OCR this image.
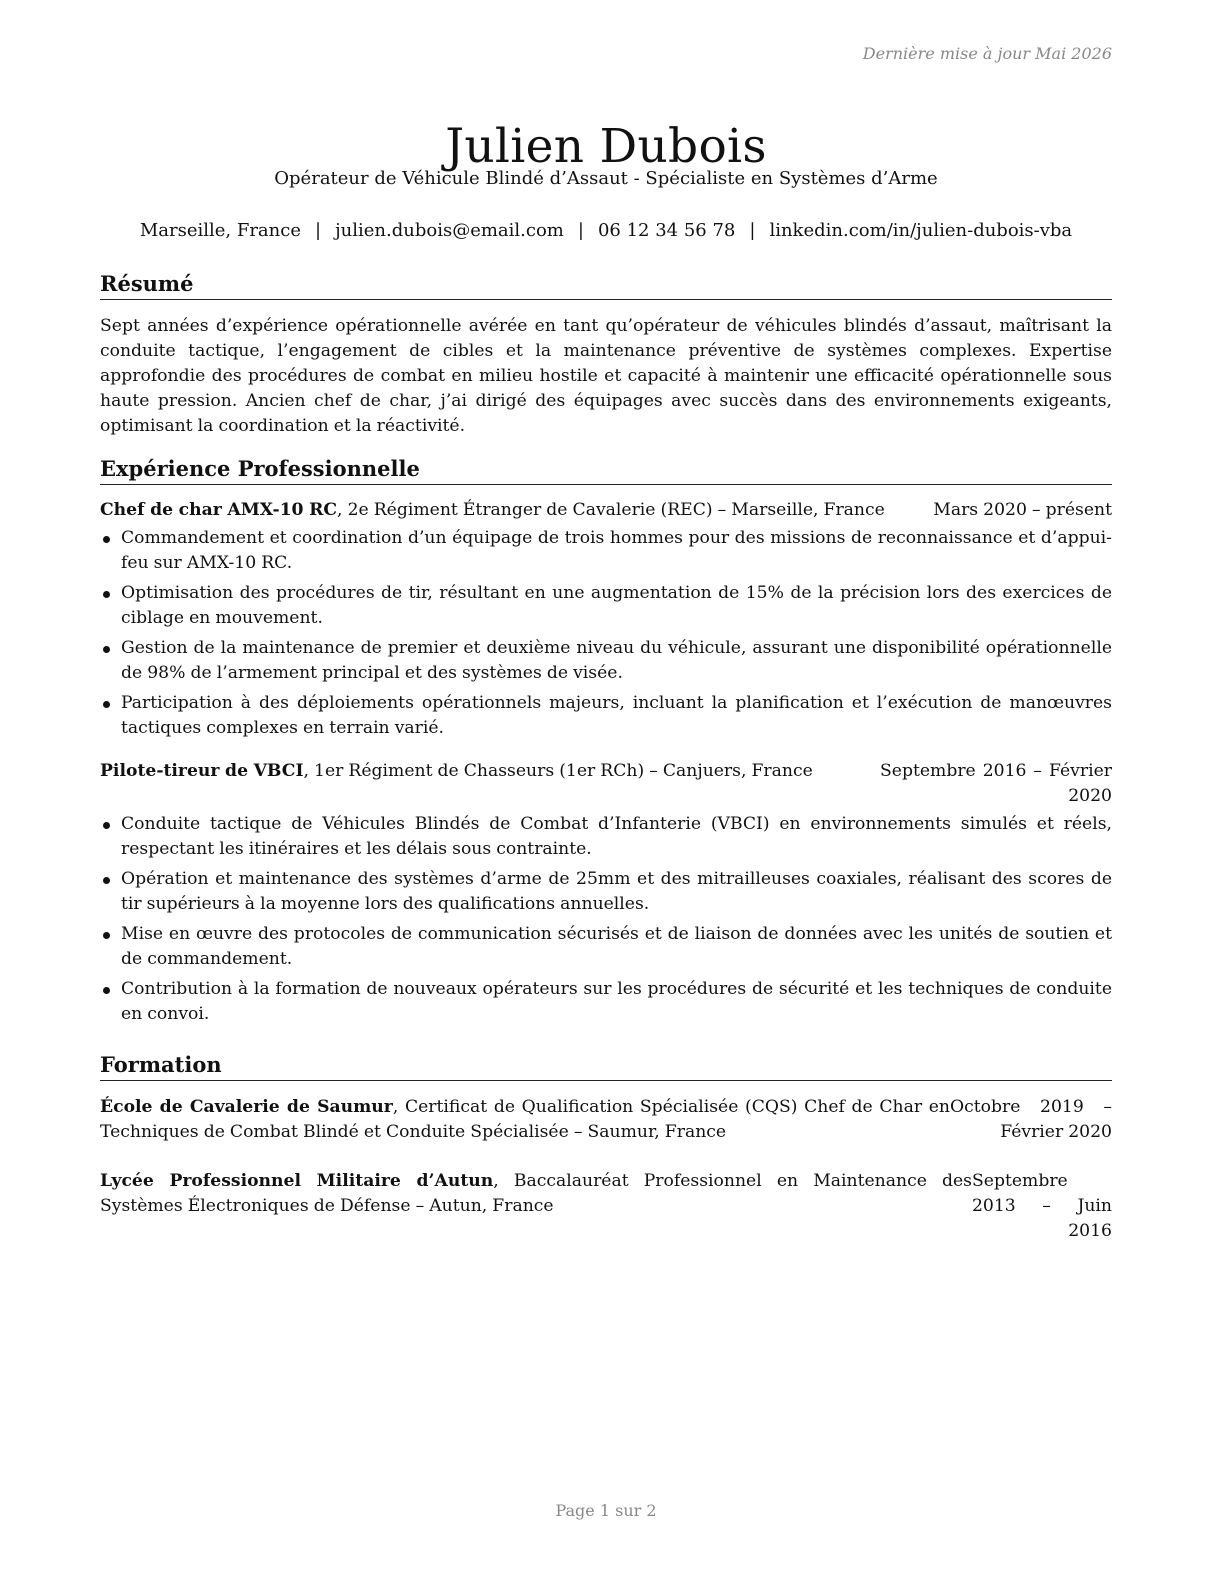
Dernière mise à jour Mai 2026
Julien Dubois
Opérateur de Véhicule Blindé d’Assaut - Spécialiste en Systèmes d’Arme
Marseille, France | julien.dubois@email.com | 06 12 34 56 78 | linkedin.com/in/julien-dubois-vba
Résumé

Sept années d’expérience opérationnelle avérée en tant qu’opérateur de véhicules blindés d’assaut, maîtrisant la conduite tactique, l’engagement de cibles et la maintenance préventive de systèmes complexes. Expertise approfondie des procédures de combat en milieu hostile et capacité à maintenir une efficacité opérationnelle sous haute pression. Ancien chef de char, j’ai dirigé des équipages avec succès dans des environnements exigeants, optimisant la coordination et la réactivité.

Expérience Professionnelle
Chef de char AMX-10 RC, 2e Régiment Étranger de Cavalerie (REC) – Marseille, France	Mars 2020 – présent
Commandement et coordination d’un équipage de trois hommes pour des missions de reconnaissance et d’appui-feu sur AMX-10 RC.
Optimisation des procédures de tir, résultant en une augmentation de 15% de la précision lors des exercices de ciblage en mouvement.
Gestion de la maintenance de premier et deuxième niveau du véhicule, assurant une disponibilité opérationnelle de 98% de l’armement principal et des systèmes de visée.
Participation à des déploiements opérationnels majeurs, incluant la planification et l’exécution de manœuvres tactiques complexes en terrain varié.
Pilote-tireur de VBCI, 1er Régiment de Chasseurs (1er RCh) – Canjuers, France	Septembre 2016 – Février 2020
Conduite tactique de Véhicules Blindés de Combat d’Infanterie (VBCI) en environnements simulés et réels, respectant les itinéraires et les délais sous contrainte.
Opération et maintenance des systèmes d’arme de 25mm et des mitrailleuses coaxiales, réalisant des scores de tir supérieurs à la moyenne lors des qualifications annuelles.
Mise en œuvre des protocoles de communication sécurisés et de liaison de données avec les unités de soutien et de commandement.
Contribution à la formation de nouveaux opérateurs sur les procédures de sécurité et les techniques de conduite en convoi.
Formation
École de Cavalerie de Saumur, Certificat de Qualification Spécialisée (CQS) Chef de Char en Techniques de Combat Blindé et Conduite Spécialisée – Saumur, France
Octobre 2019 – Février 2020
Lycée Professionnel Militaire d’Autun, Baccalauréat Professionnel en Maintenance des Systèmes Électroniques de Défense – Autun, France
Septembre 2013 – Juin 2016
Page 1 sur 2
